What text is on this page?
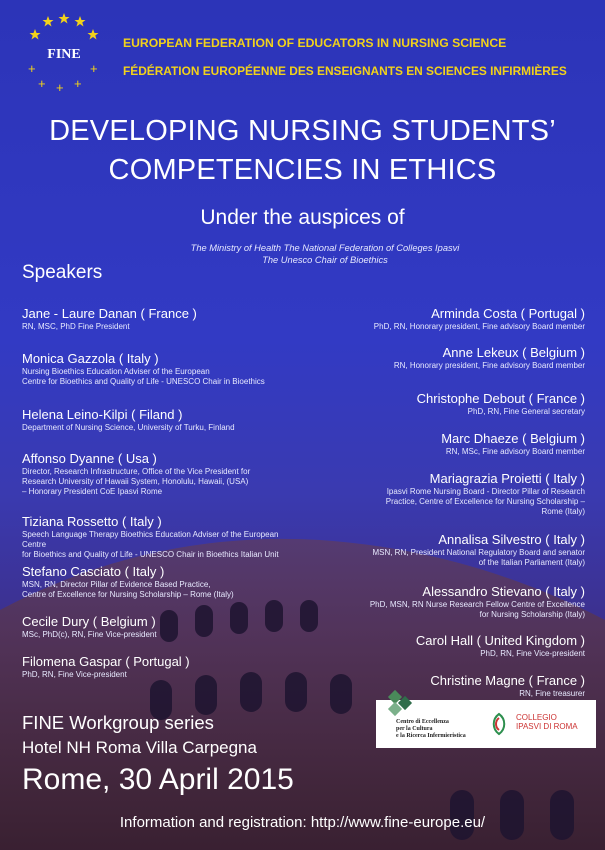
FINE
+	+
+ + +
EUROPEAN FEDERATION OF EDUCATORS IN NURSING SCIENCE
FÉDÉRATION EUROPÉENNE DES ENSEIGNANTS EN SCIENCES INFIRMIÈRES
DEVELOPING NURSING STUDENTS’
COMPETENCIES IN ETHICS
Under the auspices of
The Ministry of Health The National Federation of Colleges Ipasvi
The Unesco Chair of Bioethics
Speakers
Jane - Laure Danan ( France )
RN, MSC, PhD Fine President
Monica Gazzola ( Italy )
Nursing Bioethics Education Adviser of the European
Centre for Bioethics and Quality of Life - UNESCO Chair in Bioethics
Helena Leino-Kilpi ( Filand )
Department of Nursing Science, University of Turku, Finland
Affonso Dyanne ( Usa )
Director, Research Infrastructure, Office of the Vice President for
Research University of Hawaii System, Honolulu, Hawaii, (USA)
– Honorary President CoE Ipasvi Rome
Tiziana Rossetto ( Italy )
Speech Language Therapy Bioethics Education Adviser of the European Centre
for Bioethics and Quality of Life - UNESCO Chair in Bioethics Italian Unit
Stefano Casciato ( Italy )
MSN, RN, Director Pillar of Evidence Based Practice,
Centre of Excellence for Nursing Scholarship – Rome (Italy)
Cecile Dury ( Belgium )
MSc, PhD(c), RN, Fine Vice-president
Filomena Gaspar ( Portugal )
PhD, RN, Fine Vice-president
Arminda Costa ( Portugal )
PhD, RN, Honorary president, Fine advisory Board member
Anne Lekeux ( Belgium )
RN, Honorary president, Fine advisory Board member
Christophe Debout ( France )
PhD, RN, Fine General secretary
Marc Dhaeze ( Belgium )
RN, MSc, Fine advisory Board member
Mariagrazia Proietti ( Italy )
Ipasvi Rome Nursing Board - Director Pillar of Research
Practice, Centre of Excellence for Nursing Scholarship –
Rome (Italy)
Annalisa Silvestro ( Italy )
MSN, RN, President National Regulatory Board and senator
of the Italian Parliament (Italy)
Alessandro Stievano ( Italy )
PhD, MSN, RN Nurse Research Fellow Centre of Excellence
for Nursing Scholarship (Italy)
Carol Hall ( United Kingdom )
PhD, RN, Fine Vice-president
Christine Magne ( France )
RN, Fine treasurer
Centro di Eccellenza
per la Cultura
e la Ricerca Infermieristica
COLLEGIO
IPASVI DI ROMA
FINE Workgroup series
Hotel NH Roma Villa Carpegna
Rome, 30 April 2015
Information and registration: http://www.fine-europe.eu/
